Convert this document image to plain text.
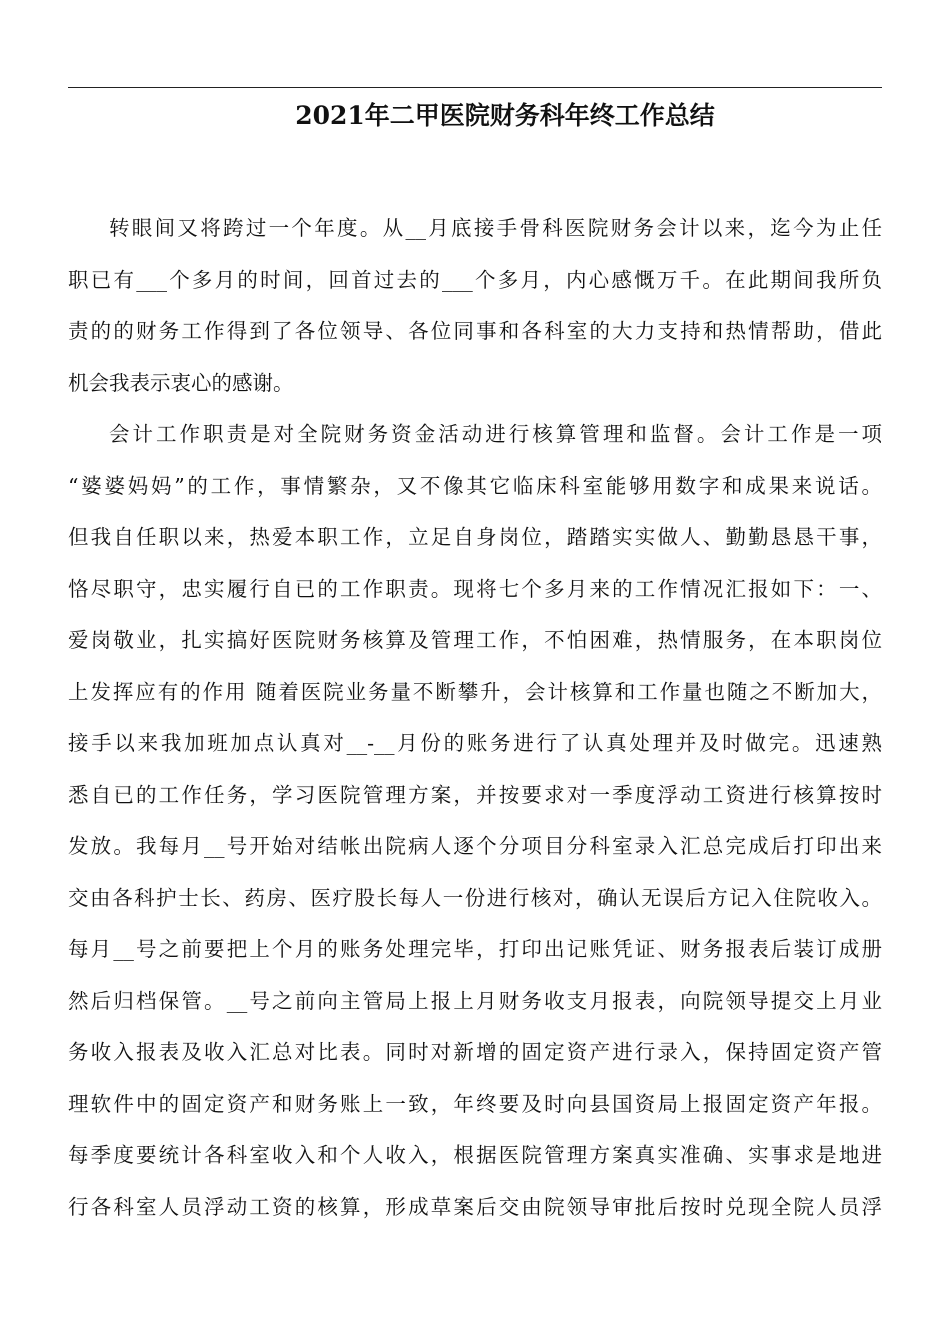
2021年二甲医院财务科年终工作总结
转眼间又将跨过一个年度。从__月底接手骨科医院财务会计以来，迄今为止任
职已有___个多月的时间，回首过去的___个多月，内心感慨万千。在此期间我所负
责的的财务工作得到了各位领导、各位同事和各科室的大力支持和热情帮助，借此
机会我表示衷心的感谢。
会计工作职责是对全院财务资金活动进行核算管理和监督。会计工作是一项
“婆婆妈妈”的工作，事情繁杂，又不像其它临床科室能够用数字和成果来说话。
但我自任职以来，热爱本职工作，立足自身岗位，踏踏实实做人、勤勤恳恳干事，
恪尽职守，忠实履行自已的工作职责。现将七个多月来的工作情况汇报如下：一、
爱岗敬业，扎实搞好医院财务核算及管理工作，不怕困难，热情服务，在本职岗位
上发挥应有的作用 随着医院业务量不断攀升，会计核算和工作量也随之不断加大，
接手以来我加班加点认真对__-__月份的账务进行了认真处理并及时做完。迅速熟
悉自已的工作任务，学习医院管理方案，并按要求对一季度浮动工资进行核算按时
发放。我每月__号开始对结帐出院病人逐个分项目分科室录入汇总完成后打印出来
交由各科护士长、药房、医疗股长每人一份进行核对，确认无误后方记入住院收入。
每月__号之前要把上个月的账务处理完毕，打印出记账凭证、财务报表后装订成册
然后归档保管。__号之前向主管局上报上月财务收支月报表，向院领导提交上月业
务收入报表及收入汇总对比表。同时对新增的固定资产进行录入，保持固定资产管
理软件中的固定资产和财务账上一致，年终要及时向县国资局上报固定资产年报。
每季度要统计各科室收入和个人收入，根据医院管理方案真实准确、实事求是地进
行各科室人员浮动工资的核算，形成草案后交由院领导审批后按时兑现全院人员浮
